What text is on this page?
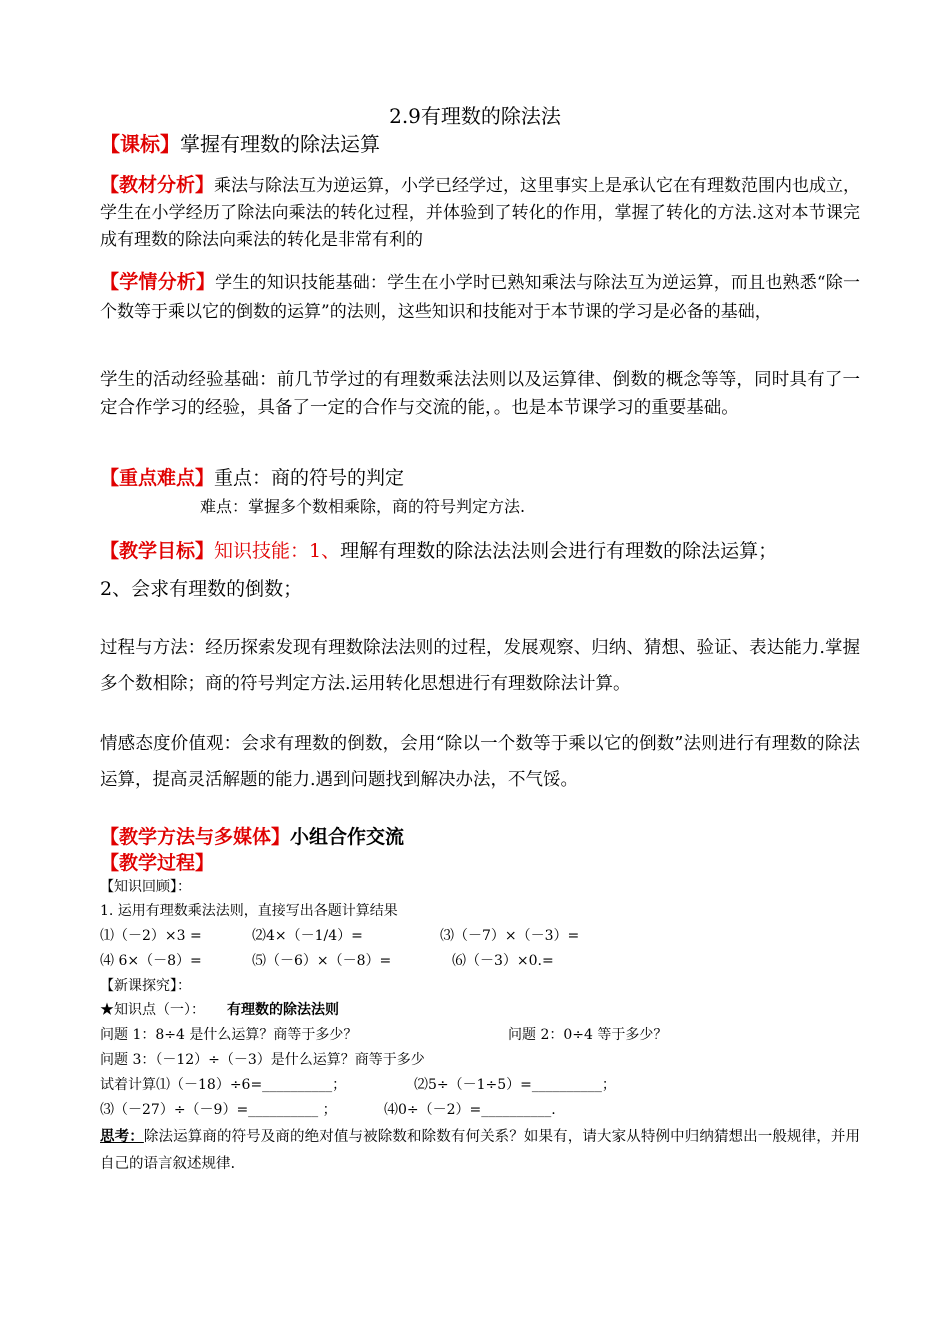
2.9有理数的除法法
【课标】掌握有理数的除法运算
【教材分析】乘法与除法互为逆运算，小学已经学过，这里事实上是承认它在有理数范围内也成立，学生在小学经历了除法向乘法的转化过程，并体验到了转化的作用，掌握了转化的方法.这对本节课完成有理数的除法向乘法的转化是非常有利的
【学情分析】学生的知识技能基础：学生在小学时已熟知乘法与除法互为逆运算，而且也熟悉“除一个数等于乘以它的倒数的运算”的法则，这些知识和技能对于本节课的学习是必备的基础，
学生的活动经验基础：前几节学过的有理数乘法法则以及运算律、倒数的概念等等，同时具有了一定合作学习的经验，具备了一定的合作与交流的能，。也是本节课学习的重要基础。
【重点难点】重点：商的符号的判定
难点：掌握多个数相乘除，商的符号判定方法.
【教学目标】知识技能：1、理解有理数的除法法法则会进行有理数的除法运算；
2、会求有理数的倒数；
过程与方法：经历探索发现有理数除法法则的过程，发展观察、归纳、猜想、验证、表达能力.掌握多个数相除；商的符号判定方法.运用转化思想进行有理数除法计算。
情感态度价值观：会求有理数的倒数，会用“除以一个数等于乘以它的倒数”法则进行有理数的除法运算，提高灵活解题的能力.遇到问题找到解决办法，不气馁。
【教学方法与多媒体】小组合作交流
【教学过程】
【知识回顾】：
1. 运用有理数乘法法则，直接写出各题计算结果
⑴（－2）×3 =	⑵4×（－1/4）=	⑶（－7）×（－3）=
⑷ 6×（－8）=	⑸（－6）×（－8）=	⑹（－3）×0.=
【新课探究】：
★知识点（一）： 有理数的除法法则
问题 1：8÷4 是什么运算？商等于多少？	问题 2：0÷4 等于多少？
问题 3：（－12）÷（－3）是什么运算？商等于多少
试着计算⑴（－18）÷6=__________；	⑵5÷（－1÷5）=__________；
⑶（－27）÷（－9）=__________ ；	⑷0÷（－2）=__________.
思考：除法运算商的符号及商的绝对值与被除数和除数有何关系？如果有，请大家从特例中归纳猜想出一般规律，并用自己的语言叙述规律.
